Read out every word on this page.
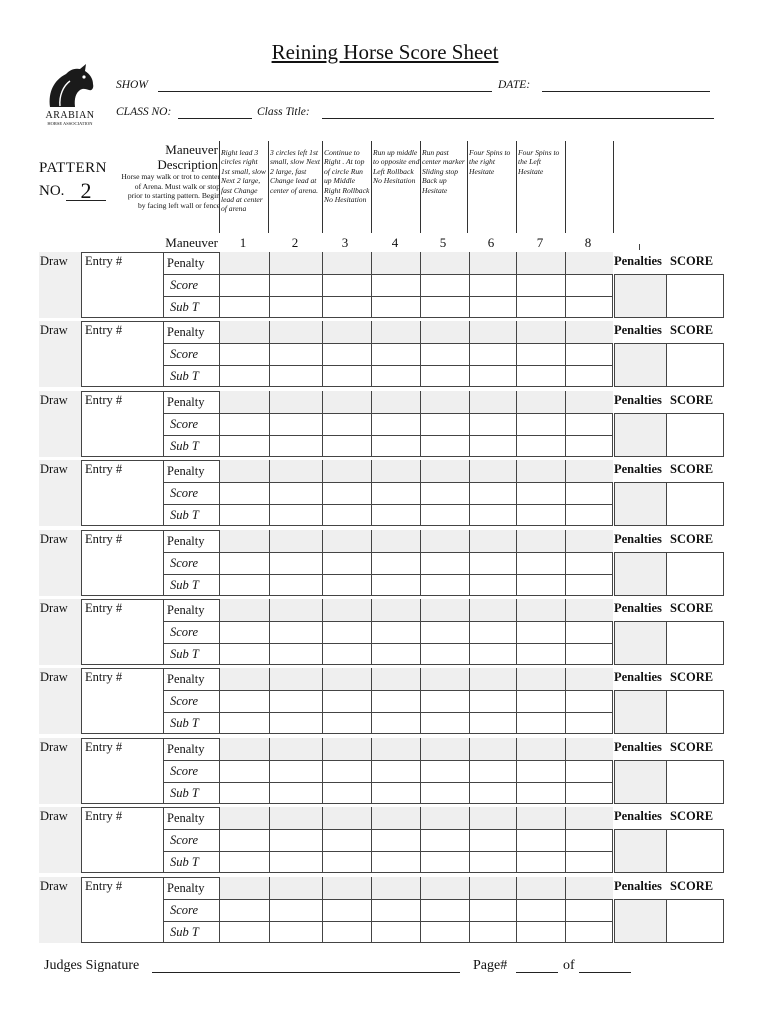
Reining Horse Score Sheet
ARABIAN
HORSE ASSOCIATION
SHOW	DATE:
CLASS NO:	Class Title:
PATTERN
NO. 2
Maneuver
Description
Horse may walk or trot to center of Arena. Must walk or stop prior to starting pattern. Begin by facing left wall or fence
Right lead 3 circles right 1st small, slow Next 2 large, fast Change lead at center of arena
3 circles left 1st small, slow Next 2 large, fast Change lead at center of arena.
Continue to Right . At top of circle Run up Middle Right Rollback No Hesitation
Run up middle to opposite end Left Rollback No Hesitation
Run past center marker Sliding stop Back up Hesitate
Four Spins to the right Hesitate
Four Spins to the Left Hesitate
Maneuver	1	2	3	4	5	6	7	8
Draw	Entry #	Penalty
Score
Sub T
Penalties SCORE
Draw	Entry #	Penalty
Score
Sub T
Penalties SCORE
Draw	Entry #	Penalty
Score
Sub T
Penalties SCORE
Draw	Entry #	Penalty
Score
Sub T
Penalties SCORE
Draw	Entry #	Penalty
Score
Sub T
Penalties SCORE
Draw	Entry #	Penalty
Score
Sub T
Penalties SCORE
Draw	Entry #	Penalty
Score
Sub T
Penalties SCORE
Draw	Entry #	Penalty
Score
Sub T
Penalties SCORE
Draw	Entry #	Penalty
Score
Sub T
Penalties SCORE
Draw	Entry #	Penalty
Score
Sub T
Penalties SCORE
Judges Signature	Page#	of
